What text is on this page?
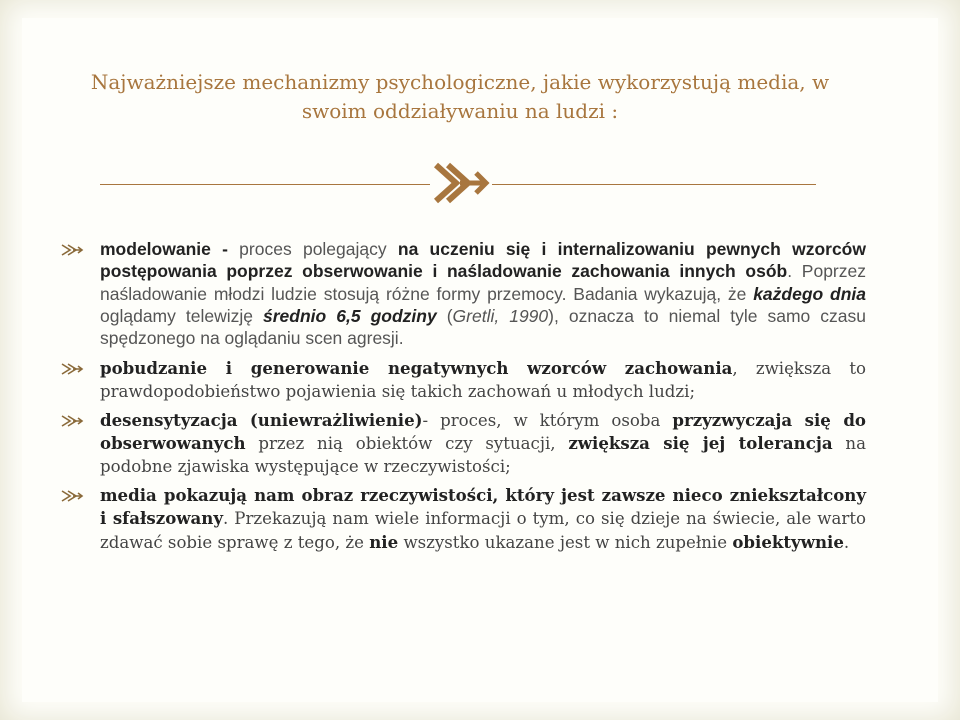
Najważniejsze mechanizmy psychologiczne, jakie wykorzystują media, w swoim oddziaływaniu na ludzi :
modelowanie - proces polegający na uczeniu się i internalizowaniu pewnych wzorców postępowania poprzez obserwowanie i naśladowanie zachowania innych osób. Poprzez naśladowanie młodzi ludzie stosują różne formy przemocy. Badania wykazują, że każdego dnia oglądamy telewizję średnio 6,5 godziny (Gretli, 1990), oznacza to niemal tyle samo czasu spędzonego na oglądaniu scen agresji.
pobudzanie i generowanie negatywnych wzorców zachowania, zwiększa to prawdopodobieństwo pojawienia się takich zachowań u młodych ludzi;
desensytyzacja (uniewrażliwienie)- proces, w którym osoba przyzwyczaja się do obserwowanych przez nią obiektów czy sytuacji, zwiększa się jej tolerancja na podobne zjawiska występujące w rzeczywistości;
media pokazują nam obraz rzeczywistości, który jest zawsze nieco zniekształcony i sfałszowany. Przekazują nam wiele informacji o tym, co się dzieje na świecie, ale warto zdawać sobie sprawę z tego, że nie wszystko ukazane jest w nich zupełnie obiektywnie.
